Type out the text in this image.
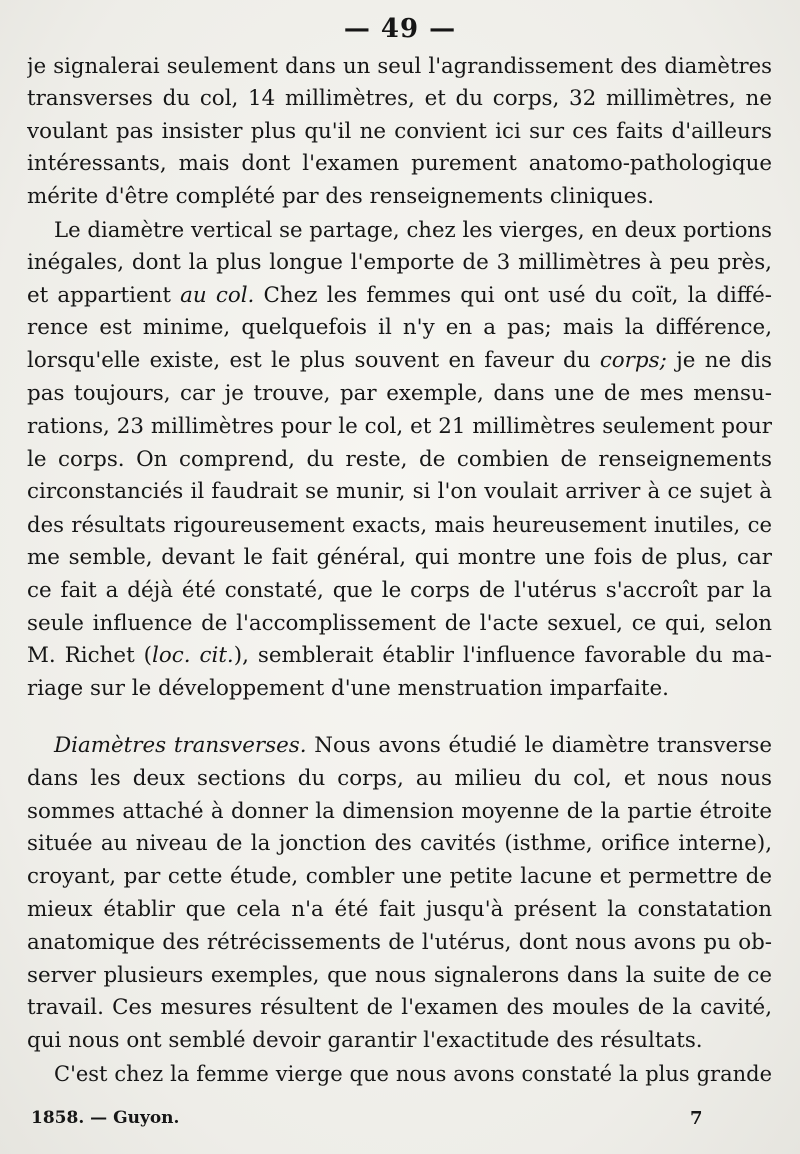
— 49 —
je signalerai seulement dans un seul l'agrandissement des diamètres
transverses du col, 14 millimètres, et du corps, 32 millimètres, ne
voulant pas insister plus qu'il ne convient ici sur ces faits d'ailleurs
intéressants, mais dont l'examen purement anatomo-pathologique
mérite d'être complété par des renseignements cliniques.
Le diamètre vertical se partage, chez les vierges, en deux portions
inégales, dont la plus longue l'emporte de 3 millimètres à peu près,
et appartient au col. Chez les femmes qui ont usé du coït, la diffé-
rence est minime, quelquefois il n'y en a pas; mais la différence,
lorsqu'elle existe, est le plus souvent en faveur du corps; je ne dis
pas toujours, car je trouve, par exemple, dans une de mes mensu-
rations, 23 millimètres pour le col, et 21 millimètres seulement pour
le corps. On comprend, du reste, de combien de renseignements
circonstanciés il faudrait se munir, si l'on voulait arriver à ce sujet à
des résultats rigoureusement exacts, mais heureusement inutiles, ce
me semble, devant le fait général, qui montre une fois de plus, car
ce fait a déjà été constaté, que le corps de l'utérus s'accroît par la
seule influence de l'accomplissement de l'acte sexuel, ce qui, selon
M. Richet (loc. cit.), semblerait établir l'influence favorable du ma-
riage sur le développement d'une menstruation imparfaite.
Diamètres transverses. Nous avons étudié le diamètre transverse
dans les deux sections du corps, au milieu du col, et nous nous
sommes attaché à donner la dimension moyenne de la partie étroite
située au niveau de la jonction des cavités (isthme, orifice interne),
croyant, par cette étude, combler une petite lacune et permettre de
mieux établir que cela n'a été fait jusqu'à présent la constatation
anatomique des rétrécissements de l'utérus, dont nous avons pu ob-
server plusieurs exemples, que nous signalerons dans la suite de ce
travail. Ces mesures résultent de l'examen des moules de la cavité,
qui nous ont semblé devoir garantir l'exactitude des résultats.
C'est chez la femme vierge que nous avons constaté la plus grande
1858. — Guyon.	7
